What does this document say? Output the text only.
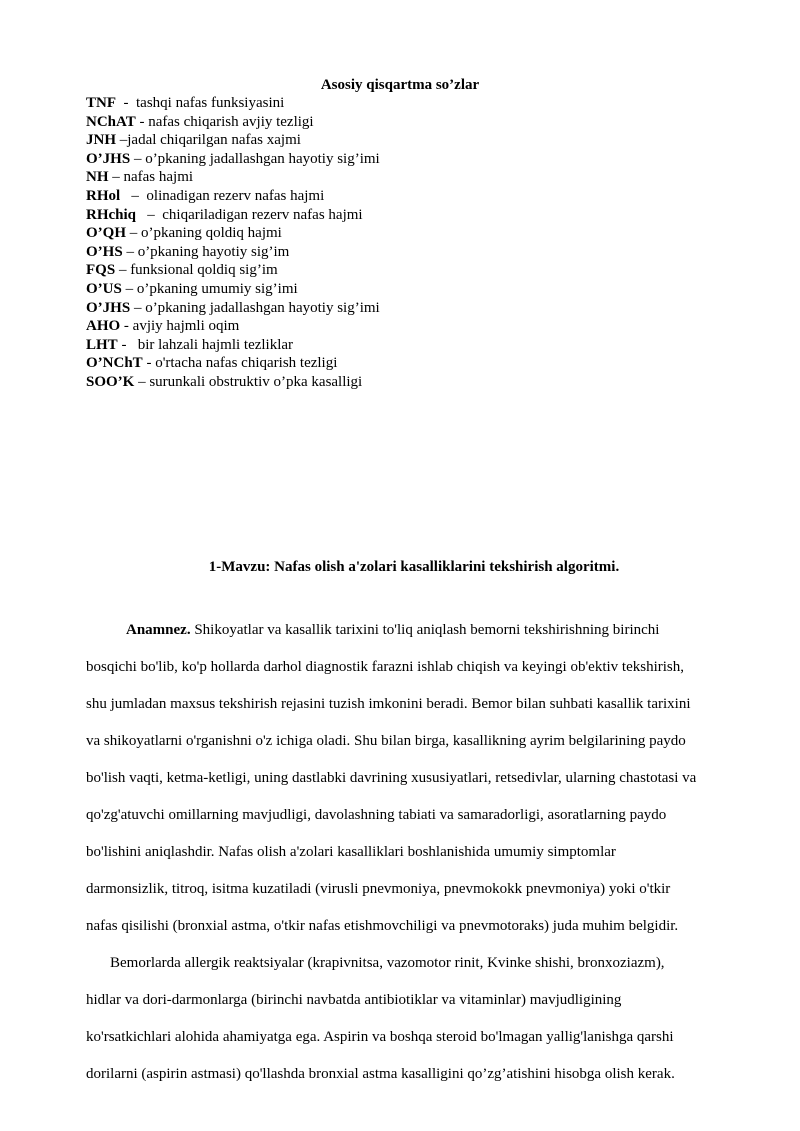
Asosiy qisqartma so’zlar
TNF  -  tashqi nafas funksiyasini
NChAT - nafas chiqarish avjiy tezligi
JNH –jadal chiqarilgan nafas xajmi
O’JHS – o’pkaning jadallashgan hayotiy sig’imi
NH – nafas hajmi
RHol   –  olinadigan rezerv nafas hajmi
RHchiq   –  chiqariladigan rezerv nafas hajmi
O’QH – o’pkaning qoldiq hajmi
O’HS – o’pkaning hayotiy sig’im
FQS – funksional qoldiq sig’im
O’US – o’pkaning umumiy sig’imi
O’JHS – o’pkaning jadallashgan hayotiy sig’imi
AHO - avjiy hajmli oqim
LHT -   bir lahzali hajmli tezliklar
O’NChT - o'rtacha nafas chiqarish tezligi
SOO’K – surunkali obstruktiv o’pka kasalligi
1-Mavzu: Nafas olish a'zolari kasalliklarini tekshirish algoritmi.
Anamnez. Shikoyatlar va kasallik tarixini to'liq aniqlash bemorni tekshirishning birinchi
bosqichi bo'lib, ko'p hollarda darhol diagnostik farazni ishlab chiqish va keyingi ob'ektiv tekshirish,
shu jumladan maxsus tekshirish rejasini tuzish imkonini beradi. Bemor bilan suhbati kasallik tarixini
va shikoyatlarni o'rganishni o'z ichiga oladi. Shu bilan birga, kasallikning ayrim belgilarining paydo
bo'lish vaqti, ketma-ketligi, uning dastlabki davrining xususiyatlari, retsedivlar, ularning chastotasi va
qo'zg'atuvchi omillarning mavjudligi, davolashning tabiati va samaradorligi, asoratlarning paydo
bo'lishini aniqlashdir. Nafas olish a'zolari kasalliklari boshlanishida umumiy simptomlar
darmonsizlik, titroq, isitma kuzatiladi (virusli pnevmoniya, pnevmokokk pnevmoniya) yoki o'tkir
nafas qisilishi (bronxial astma, o'tkir nafas etishmovchiligi va pnevmotoraks) juda muhim belgidir.
Bemorlarda allergik reaktsiyalar (krapivnitsa, vazomotor rinit, Kvinke shishi, bronxoziazm),
hidlar va dori-darmonlarga (birinchi navbatda antibiotiklar va vitaminlar) mavjudligining
ko'rsatkichlari alohida ahamiyatga ega. Aspirin va boshqa steroid bo'lmagan yallig'lanishga qarshi
dorilarni (aspirin astmasi) qo'llashda bronxial astma kasalligini qo’zg’atishini hisobga olish kerak.
